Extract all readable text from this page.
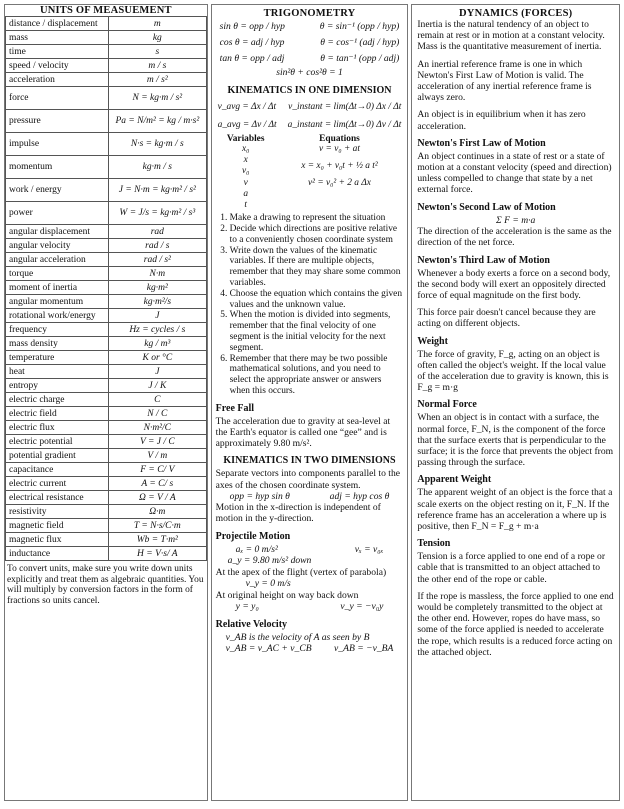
UNITS OF MEASUEMENT
distance / displacement	m
mass	kg
time	s
speed / velocity	m / s
acceleration	m / s²
force	N = kg·m / s²
pressure	Pa = N/m² = kg / m·s²
impulse	N·s = kg·m / s
momentum	kg·m / s
work / energy	J = N·m = kg·m² / s²
power	W = J/s = kg·m² / s³
angular displacement	rad
angular velocity	rad / s
angular acceleration	rad / s²
torque	N·m
moment of inertia	kg·m²
angular momentum	kg·m²/s
rotational work/energy	J
frequency	Hz = cycles / s
mass density	kg / m³
temperature	K or °C
heat	J
entropy	J / K
electric charge	C
electric field	N / C
electric flux	N·m²/C
electric potential	V = J / C
potential gradient	V / m
capacitance	F = C/ V
electric current	A = C/ s
electrical resistance	Ω = V / A
resistivity	Ω·m
magnetic field	T = N·s/C·m
magnetic flux	Wb = T·m²
inductance	H = V·s/ A
To convert units, make sure you write down units explicitly and treat them as algebraic quantities. You will multiply by conversion factors in the form of fractions so units cancel.
TRIGONOMETRY
sin θ = opp / hyp	θ = sin⁻¹ (opp / hyp)
cos θ = adj / hyp	θ = cos⁻¹ (adj / hyp)
tan θ = opp / adj	θ = tan⁻¹ (opp / adj)
sin²θ + cos²θ = 1
KINEMATICS IN ONE DIMENSION
v_avg = Δx / Δt v_instant = lim(Δt→0) Δx / Δt
a_avg = Δv / Δt a_instant = lim(Δt→0) Δv / Δt
Variables
x₀
x
v₀
v
a
t
Equations
v = v₀ + at
x = x₀ + v₀t + ½ a t²
v² = v₀² + 2 a Δx
1. Make a drawing to represent the situation
2. Decide which directions are positive relative to a conveniently chosen coordinate system
3. Write down the values of the kinematic variables. If there are multiple objects, remember that they may share some common variables.
4. Choose the equation which contains the given values and the unknown value.
5. When the motion is divided into segments, remember that the final velocity of one segment is the initial velocity for the next segment.
6. Remember that there may be two possible mathematical solutions, and you need to select the appropriate answer or answers when this occurs.
Free Fall

The acceleration due to gravity at sea-level at the Earth's equator is called one “gee” and is approximately 9.80 m/s².

KINEMATICS IN TWO DIMENSIONS

Separate vectors into components parallel to the axes of the chosen coordinate system.

opp = hyp sin θ	adj = hyp cos θ

Motion in the x-direction is independent of motion in the y-direction.

Projectile Motion
aₓ = 0 m/s²	vₓ = v₀ₓ
a_y = 9.80 m/s² down
At the apex of the flight (vertex of parabola)
v_y = 0 m/s
At original height on way back down
y = y₀	v_y = −v₀y
Relative Velocity
v_AB is the velocity of A as seen by B
v_AB = v_AC + v_CB v_AB = −v_BA
DYNAMICS (FORCES)

Inertia is the natural tendency of an object to remain at rest or in motion at a constant velocity. Mass is the quantitative measurement of inertia.

An inertial reference frame is one in which Newton's First Law of Motion is valid. The acceleration of any inertial reference frame is always zero.

An object is in equilibrium when it has zero acceleration.

Newton's First Law of Motion

An object continues in a state of rest or a state of motion at a constant velocity (speed and direction) unless compelled to change that state by a net external force.

Newton's Second Law of Motion
Σ F = m·a

The direction of the acceleration is the same as the direction of the net force.

Newton's Third Law of Motion

Whenever a body exerts a force on a second body, the second body will exert an oppositely directed force of equal magnitude on the first body.

This force pair doesn't cancel because they are acting on different objects.

Weight

The force of gravity, F_g, acting on an object is often called the object's weight. If the local value of the acceleration due to gravity is known, this is F_g = m·g

Normal Force

When an object is in contact with a surface, the normal force, F_N, is the component of the force that the surface exerts that is perpendicular to the surface; it is the force that prevents the object from passing through the surface.

Apparent Weight

The apparent weight of an object is the force that a scale exerts on the object resting on it, F_N. If the reference frame has an acceleration a where up is positive, then F_N = F_g + m·a

Tension

Tension is a force applied to one end of a rope or cable that is transmitted to an object attached to the other end of the rope or cable.

If the rope is massless, the force applied to one end would be completely transmitted to the object at the other end. However, ropes do have mass, so some of the force applied is needed to accelerate the rope, which results is a reduced force acting on the attached object.
